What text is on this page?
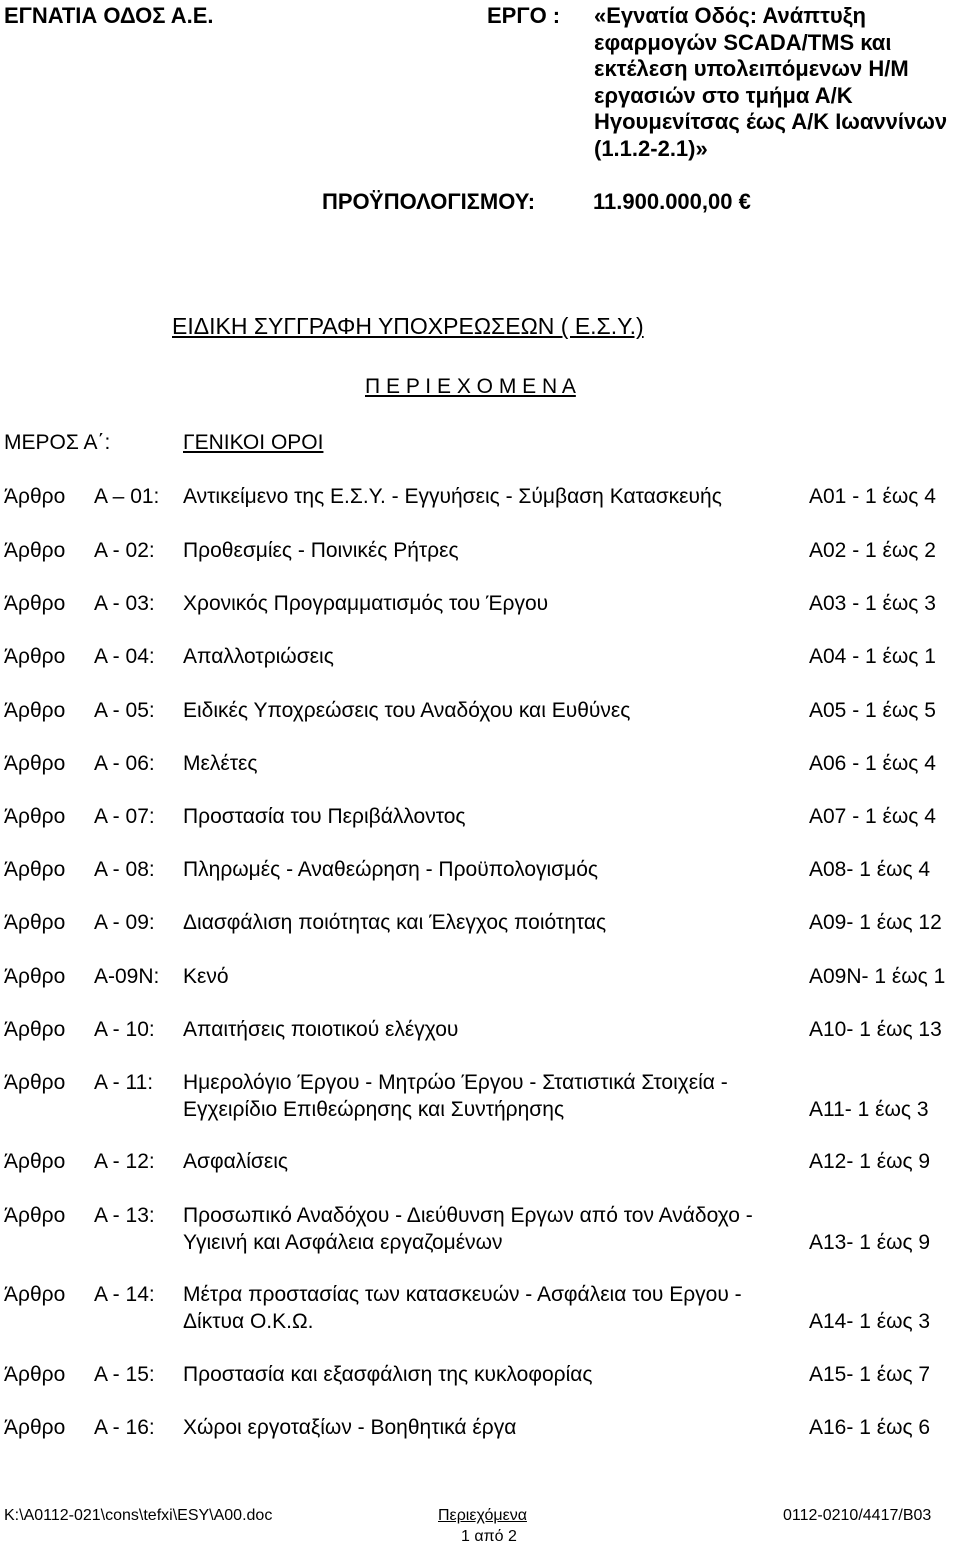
ΕΓΝΑΤΙΑ ΟΔΟΣ Α.Ε.	ΕΡΓΟ : «Εγνατία Οδός: Ανάπτυξη
εφαρμογών SCADA/TMS και
εκτέλεση υπολειπόμενων Η/Μ
εργασιών στο τμήμα Α/Κ
Ηγουμενίτσας έως Α/Κ Ιωαννίνων
(1.1.2-2.1)»
ΠΡΟΫΠΟΛΟΓΙΣΜΟΥ:	11.900.000,00 €
ΕΙΔΙΚΗ ΣΥΓΓΡΑΦΗ ΥΠΟΧΡΕΩΣΕΩΝ ( Ε.Σ.Υ.)
Π Ε Ρ Ι Ε Χ Ο Μ Ε Ν Α
ΜΕΡΟΣ Α΄:	ΓΕΝΙΚΟΙ ΟΡΟΙ
Άρθρο Α – 01: Αντικείμενο της Ε.Σ.Υ. - Εγγυήσεις - Σύμβαση Κατασκευής	Α01 - 1 έως 4
Άρθρο Α - 02: Προθεσμίες - Ποινικές Ρήτρες	Α02 - 1 έως 2
Άρθρο Α - 03: Χρονικός Προγραμματισμός του Έργου	Α03 - 1 έως 3
Άρθρο Α - 04: Απαλλοτριώσεις	Α04 - 1 έως 1
Άρθρο Α - 05: Ειδικές Υποχρεώσεις του Αναδόχου και Ευθύνες	Α05 - 1 έως 5
Άρθρο Α - 06: Μελέτες	Α06 - 1 έως 4
Άρθρο Α - 07: Προστασία του Περιβάλλοντος	Α07 - 1 έως 4
Άρθρο Α - 08: Πληρωμές - Αναθεώρηση - Προϋπολογισμός	Α08- 1 έως 4
Άρθρο Α - 09: Διασφάλιση ποιότητας και Έλεγχος ποιότητας	Α09- 1 έως 12
Άρθρο Α-09Ν: Κενό	Α09Ν- 1 έως 1
Άρθρο Α - 10: Απαιτήσεις ποιοτικού ελέγχου	Α10- 1 έως 13
Άρθρο Α - 11: Ημερολόγιο Έργου - Μητρώο Έργου - Στατιστικά Στοιχεία -
Εγχειρίδιο Επιθεώρησης και Συντήρησης	Α11- 1 έως 3
Άρθρο Α - 12: Ασφαλίσεις	Α12- 1 έως 9
Άρθρο Α - 13: Προσωπικό Αναδόχου - Διεύθυνση Εργων από τον Ανάδοχο -
Υγιεινή και Ασφάλεια εργαζομένων	Α13- 1 έως 9
Άρθρο Α - 14: Μέτρα προστασίας των κατασκευών - Ασφάλεια του Εργου -
Δίκτυα Ο.Κ.Ω.	Α14- 1 έως 3
Άρθρο Α - 15: Προστασία και εξασφάλιση της κυκλοφορίας	Α15- 1 έως 7
Άρθρο Α - 16: Χώροι εργοταξίων - Βοηθητικά έργα	Α16- 1 έως 6
K:\A0112-021\cons\tefxi\ESY\A00.doc	Περιεχόμενα
1 από 2
0112-0210/4417/Β03
